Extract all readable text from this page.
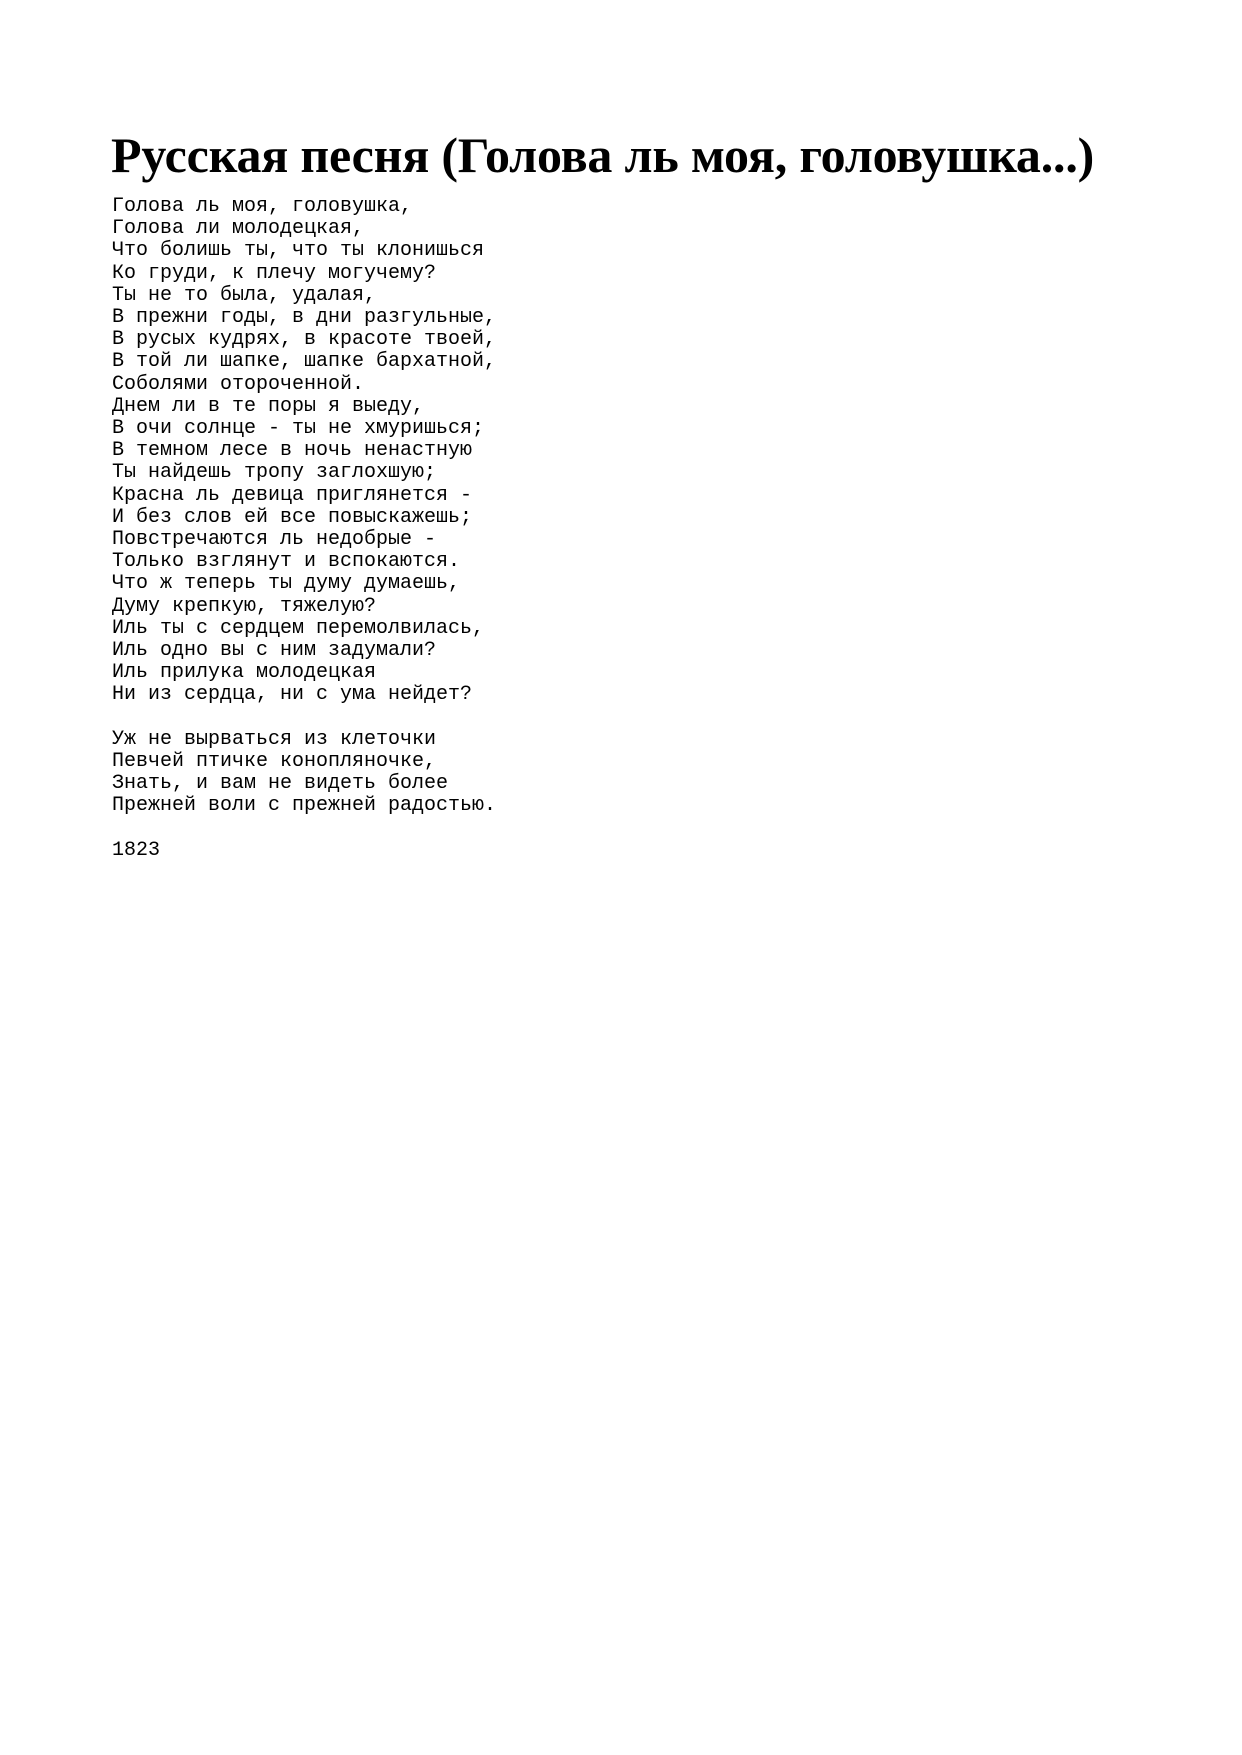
Русская песня (Голова ль моя, головушка...)
Голова ль моя, головушка,
Голова ли молодецкая,
Что болишь ты, что ты клонишься
Ко груди, к плечу могучему?
Ты не то была, удалая,
В прежни годы, в дни разгульные,
В русых кудрях, в красоте твоей,
В той ли шапке, шапке бархатной,
Соболями отороченной.
Днем ли в те поры я выеду,
В очи солнце - ты не хмуришься;
В темном лесе в ночь ненастную
Ты найдешь тропу заглохшую;
Красна ль девица приглянется -
И без слов ей все повыскажешь;
Повстречаются ль недобрые -
Только взглянут и вспокаются.
Что ж теперь ты думу думаешь,
Думу крепкую, тяжелую?
Иль ты с сердцем перемолвилась,
Иль одно вы с ним задумали?
Иль прилука молодецкая
Ни из сердца, ни с ума нейдет?
Уж не вырваться из клеточки
Певчей птичке конопляночке,
Знать, и вам не видеть более
Прежней воли с прежней радостью.
1823
